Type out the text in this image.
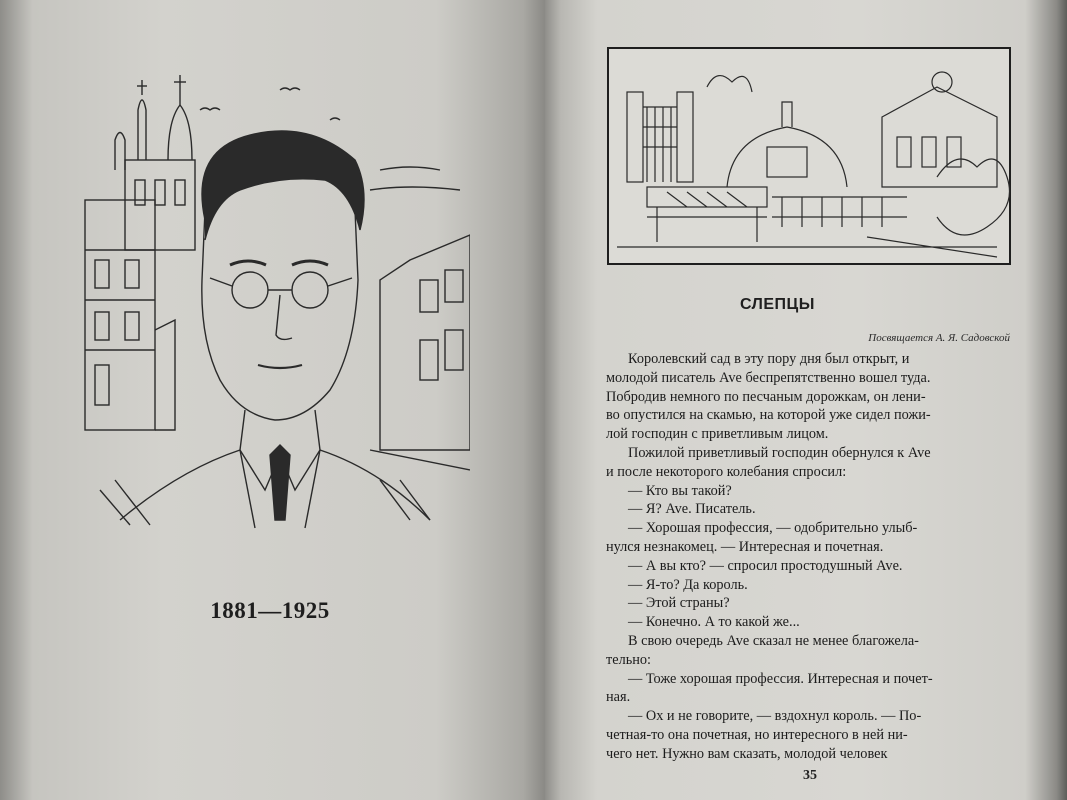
1881—1925
СЛЕПЦЫ
Посвящается А. Я. Садовской
Королевский сад в эту пору дня был открыт, и
молодой писатель Ave беспрепятственно вошел туда.
Побродив немного по песчаным дорожкам, он лени-
во опустился на скамью, на которой уже сидел пожи-
лой господин с приветливым лицом.
Пожилой приветливый господин обернулся к Ave
и после некоторого колебания спросил:
— Кто вы такой?
— Я? Ave. Писатель.
— Хорошая профессия, — одобрительно улыб-
нулся незнакомец. — Интересная и почетная.
— А вы кто? — спросил простодушный Ave.
— Я-то? Да король.
— Этой страны?
— Конечно. А то какой же...
В свою очередь Ave сказал не менее благожела-
тельно:
— Тоже хорошая профессия. Интересная и почет-
ная.
— Ох и не говорите, — вздохнул король. — По-
четная-то она почетная, но интересного в ней ни-
чего нет. Нужно вам сказать, молодой человек
35
